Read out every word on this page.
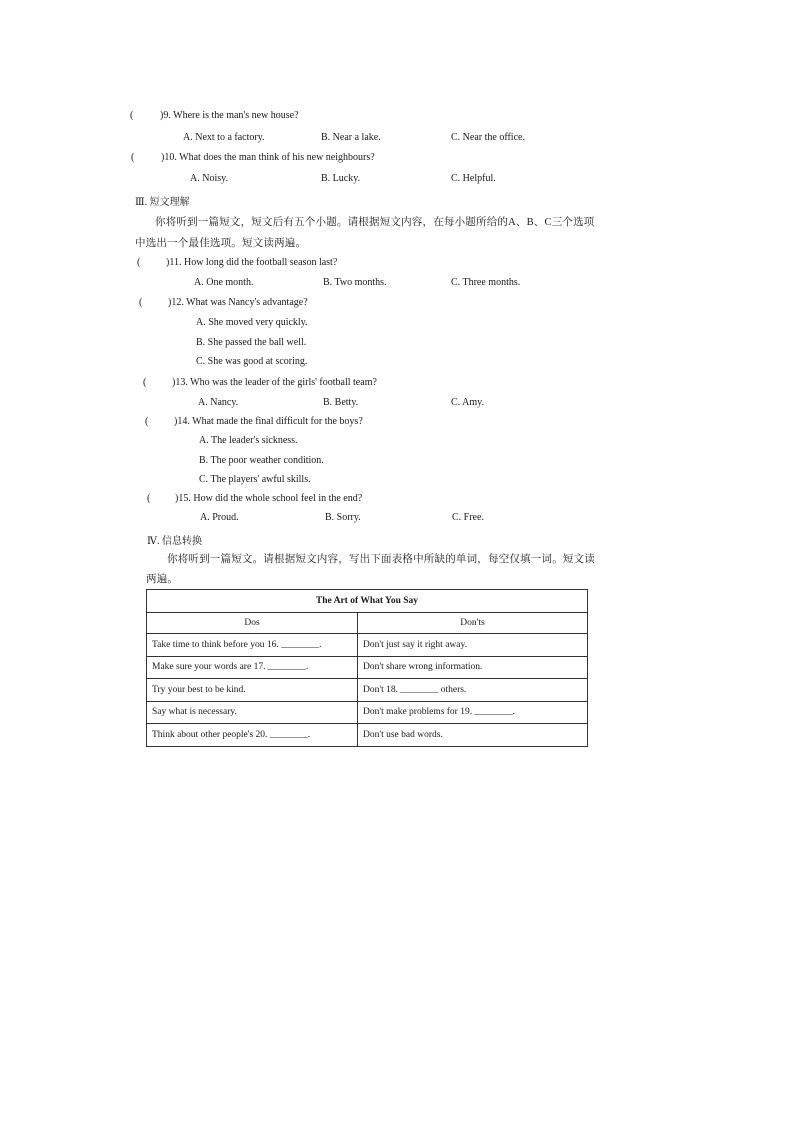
(	)9. Where is the man's new house?
A. Next to a factory.	B. Near a lake.	C. Near the office.
(	)10. What does the man think of his new neighbours?
A. Noisy.	B. Lucky.	C. Helpful.
Ⅲ. 短文理解
你将听到一篇短文，短文后有五个小题。请根据短文内容，在每小题所给的A、B、C三个选项
中选出一个最佳选项。短文读两遍。
(	)11. How long did the football season last?
A. One month.	B. Two months.	C. Three months.
(	)12. What was Nancy's advantage?
A. She moved very quickly.
B. She passed the ball well.
C. She was good at scoring.
(	)13. Who was the leader of the girls' football team?
A. Nancy.	B. Betty.	C. Amy.
(	)14. What made the final difficult for the boys?
A. The leader's sickness.
B. The poor weather condition.
C. The players' awful skills.
( )15. How did the whole school feel in the end?
A. Proud.	B. Sorry.	C. Free.
Ⅳ. 信息转换
你将听到一篇短文。请根据短文内容，写出下面表格中所缺的单词，每空仅填一词。短文读
两遍。
The Art of What You Say	
Dos	Don'ts
Take time to think before you 16. ________.	Don't just say it right away.
Make sure your words are 17. ________.	Don't share wrong information.
Try your best to be kind.	Don't 18. ________ others.
Say what is necessary.	Don't make problems for 19. ________.
Think about other people's 20. ________.	Don't use bad words.
